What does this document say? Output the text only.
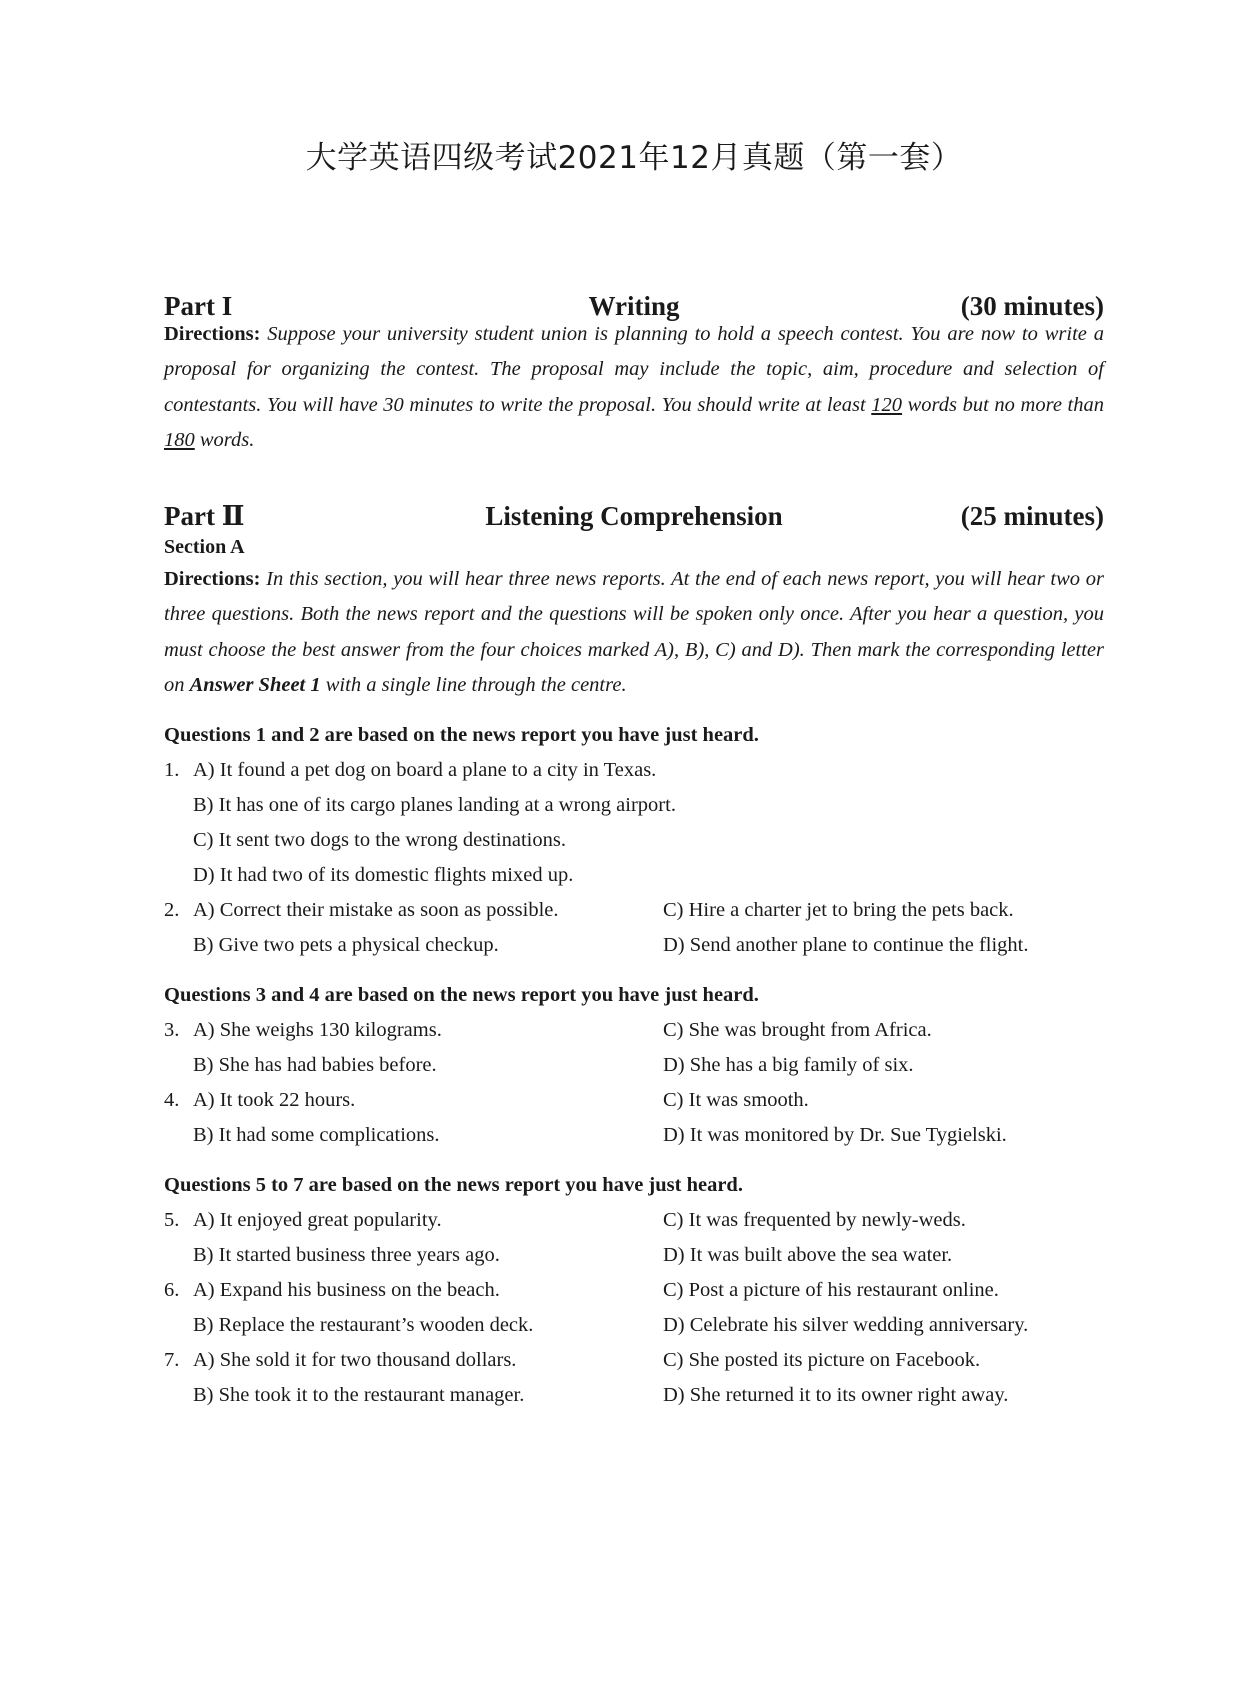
大学英语四级考试2021年12月真题（第一套）
Part I	Writing	(30 minutes)
Directions: Suppose your university student union is planning to hold a speech contest. You are now to write a proposal for organizing the contest. The proposal may include the topic, aim, procedure and selection of contestants. You will have 30 minutes to write the proposal. You should write at least 120 words but no more than 180 words.
Part Ⅱ	Listening Comprehension	(25 minutes)
Section A
Directions: In this section, you will hear three news reports. At the end of each news report, you will hear two or three questions. Both the news report and the questions will be spoken only once. After you hear a question, you must choose the best answer from the four choices marked A), B), C) and D). Then mark the corresponding letter on Answer Sheet 1 with a single line through the centre.
Questions 1 and 2 are based on the news report you have just heard.
1. A) It found a pet dog on board a plane to a city in Texas.
B) It has one of its cargo planes landing at a wrong airport.
C) It sent two dogs to the wrong destinations.
D) It had two of its domestic flights mixed up.
2. A) Correct their mistake as soon as possible.	C) Hire a charter jet to bring the pets back.
B) Give two pets a physical checkup.	D) Send another plane to continue the flight.
Questions 3 and 4 are based on the news report you have just heard.
3. A) She weighs 130 kilograms.	C) She was brought from Africa.
B) She has had babies before.	D) She has a big family of six.
4. A) It took 22 hours.	C) It was smooth.
B) It had some complications.	D) It was monitored by Dr. Sue Tygielski.
Questions 5 to 7 are based on the news report you have just heard.
5. A) It enjoyed great popularity.	C) It was frequented by newly-weds.
B) It started business three years ago.	D) It was built above the sea water.
6. A) Expand his business on the beach.	C) Post a picture of his restaurant online.
B) Replace the restaurant’s wooden deck.	D) Celebrate his silver wedding anniversary.
7. A) She sold it for two thousand dollars.	C) She posted its picture on Facebook.
B) She took it to the restaurant manager.	D) She returned it to its owner right away.
